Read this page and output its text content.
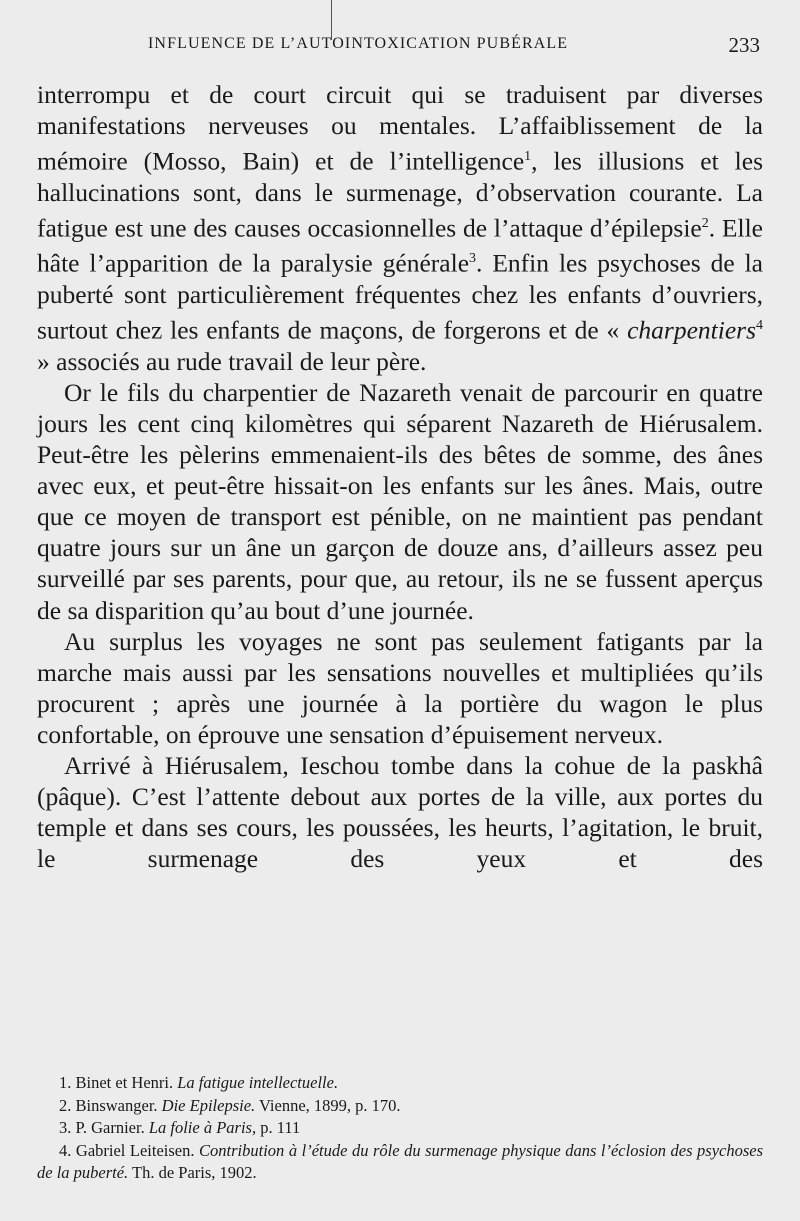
INFLUENCE DE L’AUTOINTOXICATION PUBÉRALE	233

interrompu et de court circuit qui se traduisent par diverses manifestations nerveuses ou mentales. L’affaiblissement de la mémoire (Mosso, Bain) et de l’intelligence$^1$, les illusions et les hallucinations sont, dans le surmenage, d’observation courante. La fatigue est une des causes occasionnelles de l’attaque d’épilepsie$^2$. Elle hâte l’apparition de la paralysie générale$^3$. Enfin les psychoses de la puberté sont particulièrement fréquentes chez les enfants d’ouvriers, surtout chez les enfants de maçons, de forgerons et de « charpentiers$^4$ » associés au rude travail de leur père.

Or le fils du charpentier de Nazareth venait de parcourir en quatre jours les cent cinq kilomètres qui séparent Nazareth de Hiérusalem. Peut-être les pèlerins emmenaient-ils des bêtes de somme, des ânes avec eux, et peut-être hissait-on les enfants sur les ânes. Mais, outre que ce moyen de transport est pénible, on ne maintient pas pendant quatre jours sur un âne un garçon de douze ans, d’ailleurs assez peu surveillé par ses parents, pour que, au retour, ils ne se fussent aperçus de sa disparition qu’au bout d’une journée.

Au surplus les voyages ne sont pas seulement fatigants par la marche mais aussi par les sensations nouvelles et multipliées qu’ils procurent ; après une journée à la portière du wagon le plus confortable, on éprouve une sensation d’épuisement nerveux.

Arrivé à Hiérusalem, Ieschou tombe dans la cohue de la paskhâ (pâque). C’est l’attente debout aux portes de la ville, aux portes du temple et dans ses cours, les poussées, les heurts, l’agitation, le bruit, le surmenage des yeux et des

1. Binet et Henri. La fatigue intellectuelle.

2. Binswanger. Die Epilepsie. Vienne, 1899, p. 170.

3. P. Garnier. La folie à Paris, p. 111

4. Gabriel Leiteisen. Contribution à l’étude du rôle du surmenage physique dans l’éclosion des psychoses de la puberté. Th. de Paris, 1902.
